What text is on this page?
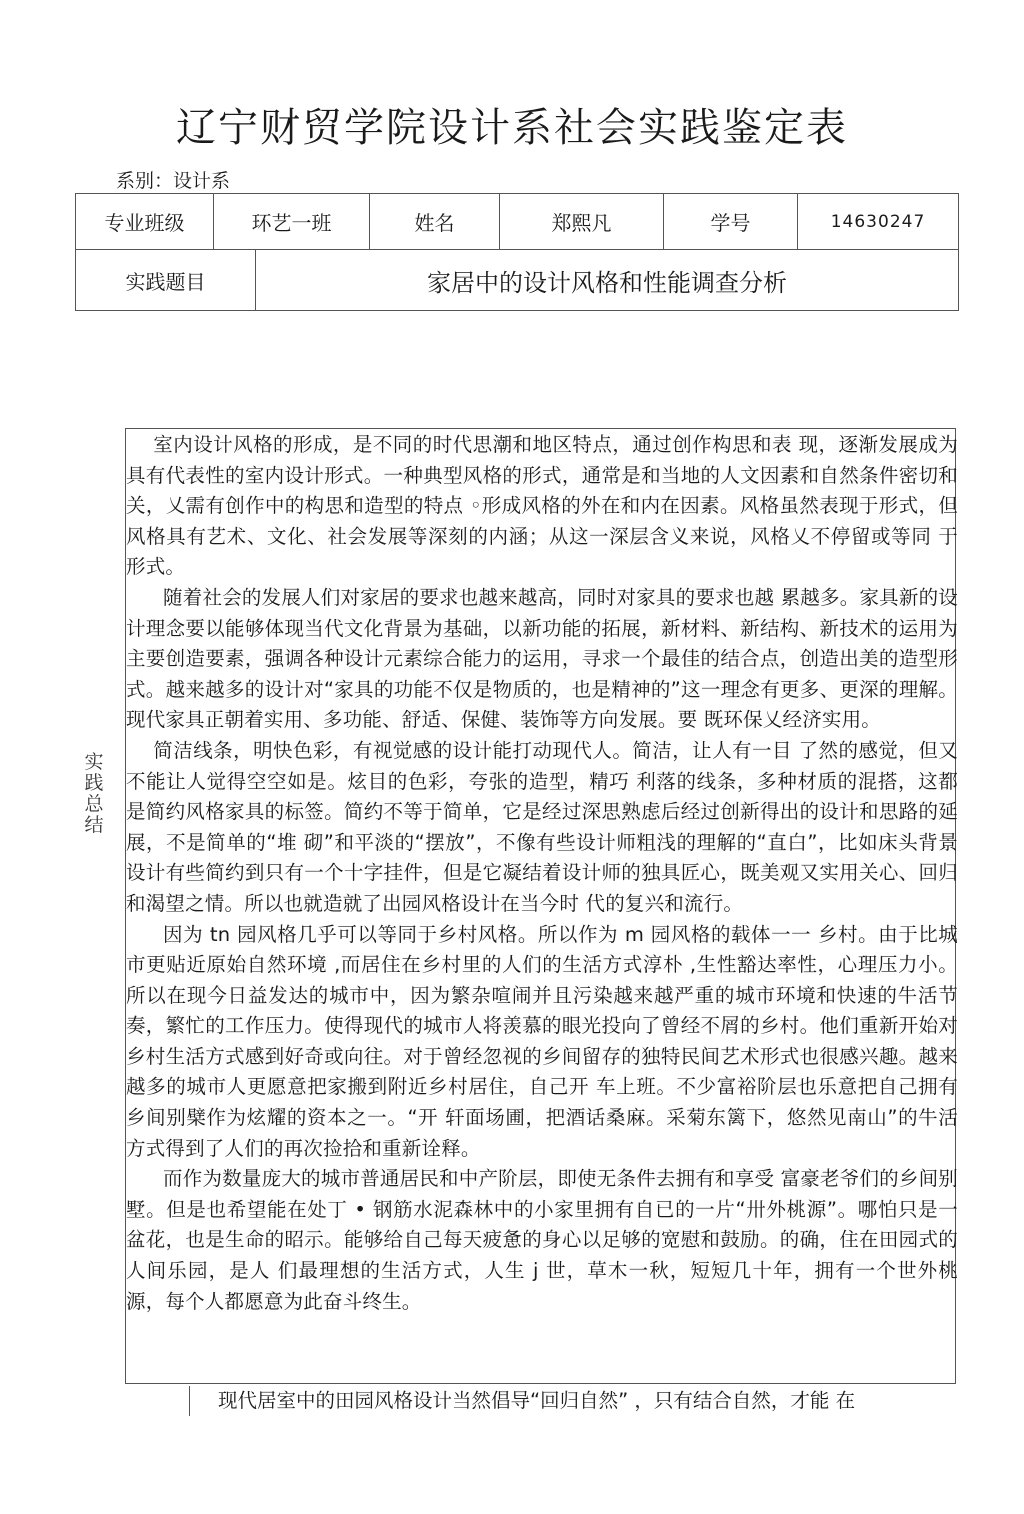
辽宁财贸学院设计系社会实践鉴定表
系别：设计系
专业班级	环艺一班		姓名	郑熙凡	学号	14630247
实践题目		家居中的设计风格和性能调查分析				
实践总结

室内设计风格的形成，是不同的时代思潮和地区特点，通过创作构思和表 现，逐渐发展成为具有代表性的室内设计形式。一种典型风格的形式，通常是和当地的人文因素和自然条件密切和关，乂需有创作中的构思和造型的特点 ◦形成风格的外在和内在因素。风格虽然表现于形式，但风格具有艺术、文化、社会发展等深刻的内涵；从这一深层含义来说，风格乂不停留或等同 于形式。

随着社会的发展人们对家居的要求也越来越高，同时对家具的要求也越 累越多。家具新的设计理念要以能够体现当代文化背景为基础，以新功能的拓展，新材料、新结构、新技术的运用为主要创造要素，强调各种设计元素综合能力的运用，寻求一个最佳的结合点，创造出美的造型形式。越来越多的设计对“家具的功能不仅是物质的，也是精神的”这一理念有更多、更深的理解。现代家具正朝着实用、多功能、舒适、保健、装饰等方向发展。要 既环保乂经济实用。

简洁线条，明快色彩，有视觉感的设计能打动现代人。简洁，让人有一目 了然的感觉，但又不能让人觉得空空如是。炫目的色彩，夸张的造型，精巧 利落的线条，多种材质的混搭，这都是简约风格家具的标签。简约不等于简单，它是经过深思熟虑后经过创新得出的设计和思路的延展，不是简单的“堆 砌”和平淡的“摆放”，不像有些设计师粗浅的理解的“直白”，比如床头背景设计有些简约到只有一个十字挂件，但是它凝结着设计师的独具匠心，既美观又实用关心、回归和渴望之情。所以也就造就了出园风格设计在当今时 代的复兴和流行。

因为 tn 园风格几乎可以等同于乡村风格。所以作为 m 园风格的载体一一 乡村。由于比城市更贴近原始自然环境 ,而居住在乡村里的人们的生活方式淳朴 ,生性豁达率性，心理压力小。所以在现今日益发达的城市中，因为繁杂喧闹并且污染越来越严重的城市环境和快速的牛活节奏，繁忙的工作压力。使得现代的城市人将羡慕的眼光投向了曾经不屑的乡村。他们重新开始对乡村生活方式感到好奇或向往。对于曾经忽视的乡间留存的独特民间艺术形式也很感兴趣。越来越多的城市人更愿意把家搬到附近乡村居住，自己开 车上班。不少富裕阶层也乐意把自己拥有乡间别檗作为炫耀的资本之一。“开 轩面场圃，把酒话桑麻。采菊东篱下，悠然见南山”的牛活方式得到了人们的再次捡拾和重新诠释。

而作为数量庞大的城市普通居民和中产阶层，即使无条件去拥有和享受 富豪老爷们的乡间别墅。但是也希望能在处丁 • 钢筋水泥森林中的小家里拥有自已的一片“卅外桃源”。哪怕只是一盆花，也是生命的昭示。能够给自己每天疲惫的身心以足够的宽慰和鼓励。的确，住在田园式的人间乐园，是人 们最理想的生活方式，人生 j 世，草木一秋，短短几十年，拥有一个世外桃 源，每个人都愿意为此奋斗终生。

现代居室中的田园风格设计当然倡导“回归自然” ，只有结合自然，才能 在
